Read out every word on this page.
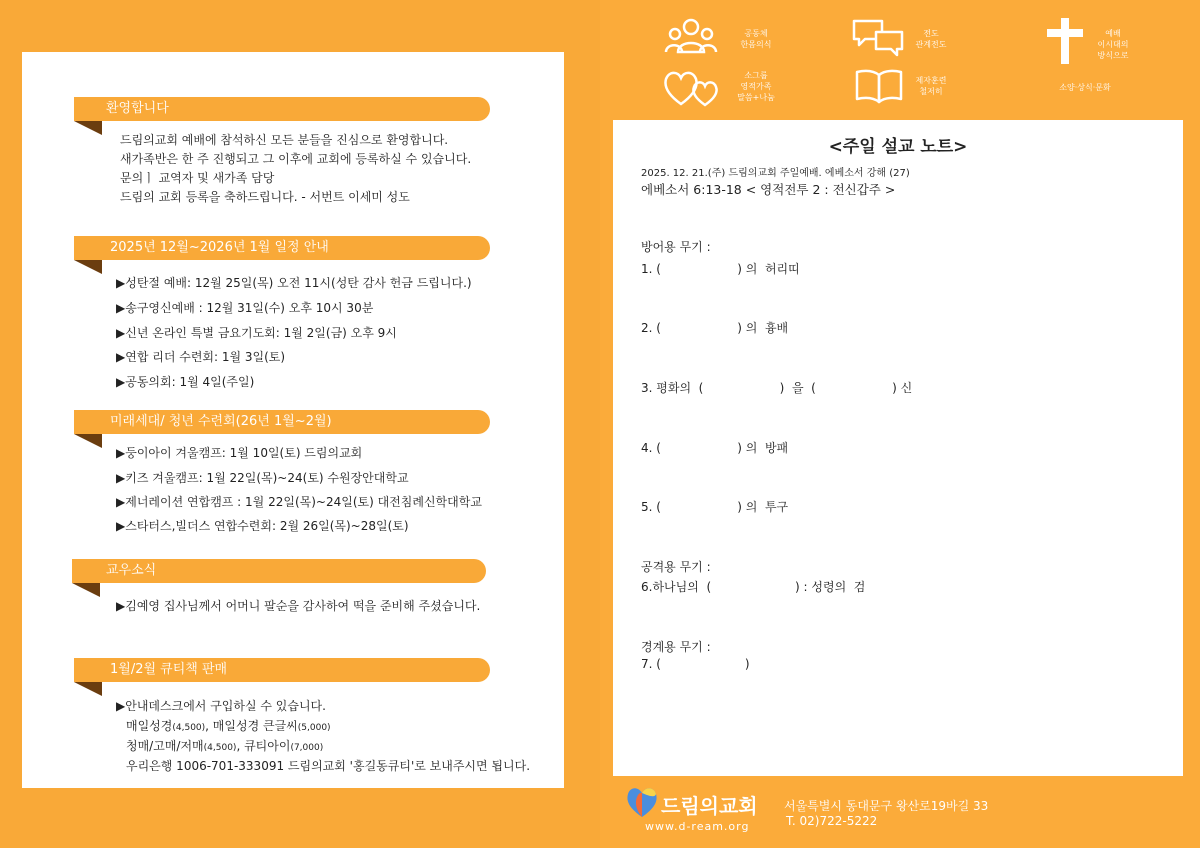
환영합니다
드림의교회 예배에 참석하신 모든 분들을 진심으로 환영합니다.
새가족반은 한 주 진행되고 그 이후에 교회에 등록하실 수 있습니다.
문의ㅣ 교역자 및 새가족 담당
드림의 교회 등록을 축하드립니다. - 서번트 이세미 성도
2025년 12월~2026년 1월 일정 안내
▶성탄절 예배: 12월 25일(목) 오전 11시(성탄 감사 헌금 드립니다.)
▶송구영신예배 : 12월 31일(수) 오후 10시 30분
▶신년 온라인 특별 금요기도회: 1월 2일(금) 오후 9시
▶연합 리더 수련회: 1월 3일(토)
▶공동의회: 1월 4일(주일)
미래세대/ 청년 수련회(26년 1월~2월)
▶둥이아이 겨울캠프: 1월 10일(토) 드림의교회
▶키즈 겨울캠프: 1월 22일(목)~24(토) 수원장안대학교
▶제너레이션 연합캠프 : 1월 22일(목)~24일(토) 대전침례신학대학교
▶스타터스,빌더스 연합수련회: 2월 26일(목)~28일(토)
교우소식
▶김예영 집사님께서 어머니 팔순을 감사하여 떡을 준비해 주셨습니다.
1월/2월 큐티책 판매
▶안내데스크에서 구입하실 수 있습니다.
매일성경(4,500), 매일성경 큰글씨(5,000)
청매/고매/저매(4,500), 큐티아이(7,000)
우리은행 1006-701-333091 드림의교회 '홍길동큐티'로 보내주시면 됩니다.
공동체
한몸의식
전도
관계전도
예배
이시대의
방식으로
소그룹
영적가족
말씀+나눔
제자훈련
철저히	소양·상식·문화
<주일 설교 노트>
2025. 12. 21.(주) 드림의교회 주일예배. 에베소서 강해 (27)
에베소서 6:13-18 < 영적전투 2 : 전신갑주 >
방어용 무기 :
1. (                    ) 의  허리띠
2. (                    ) 의  흉배
3. 평화의  (                    )  을  (                    ) 신
4. (                    ) 의  방패
5. (                    ) 의  투구
공격용 무기 :
6.하나님의  (                      ) : 성령의  검
경계용 무기 :
7. (                      )
드림의교회
www.d-ream.org
서울특별시 동대문구 왕산로19바길 33
T. 02)722-5222
